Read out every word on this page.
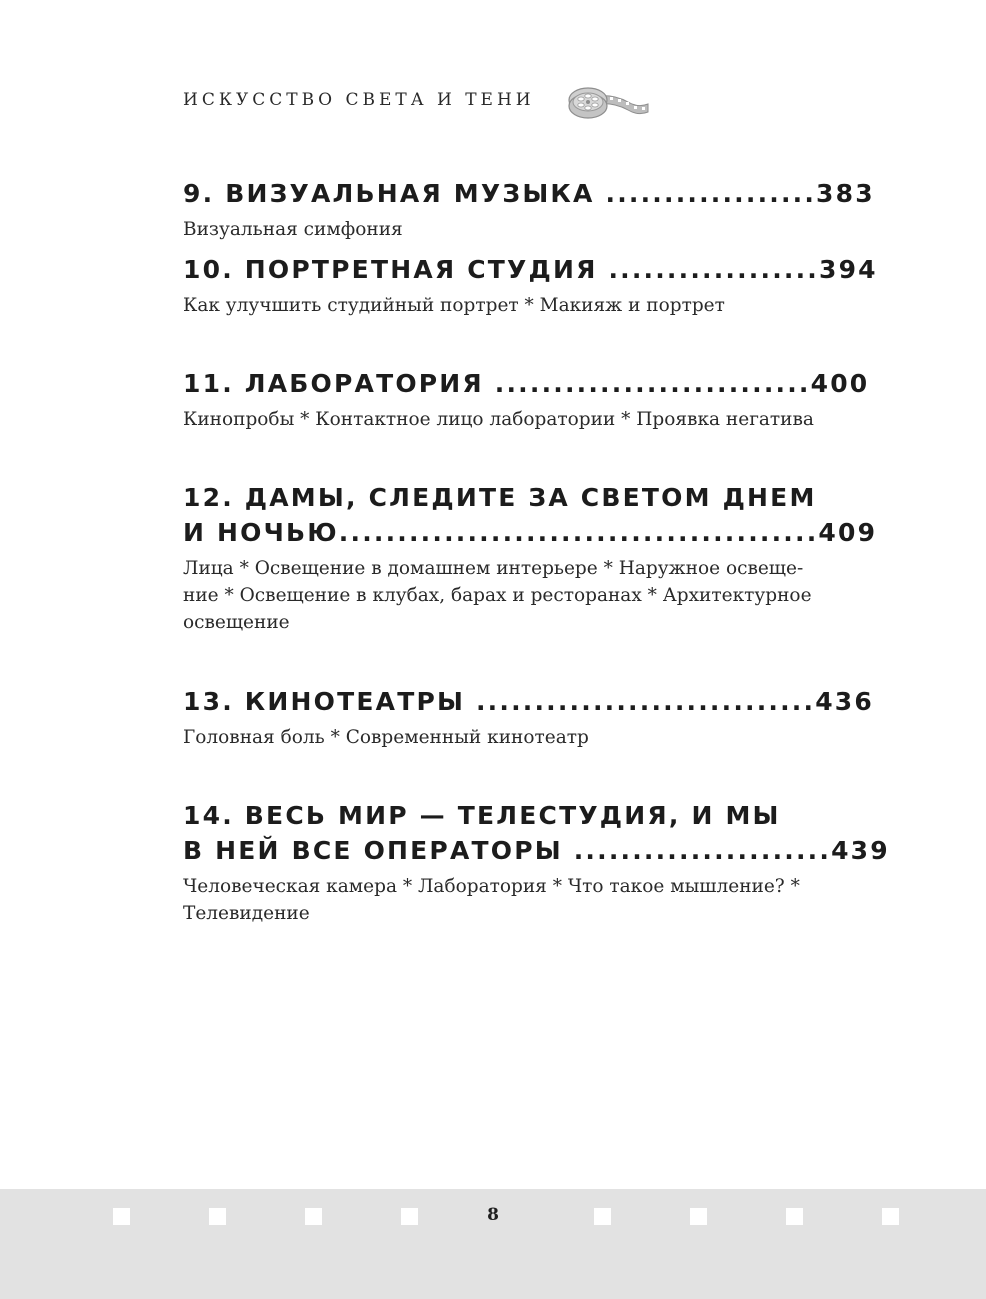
ИСКУССТВО СВЕТА И ТЕНИ
9. ВИЗУАЛЬНАЯ МУЗЫКА ..................383
Визуальная симфония
10. ПОРТРЕТНАЯ СТУДИЯ ..................394
Как улучшить студийный портрет * Макияж и портрет
11. ЛАБОРАТОРИЯ ...........................400
Кинопробы * Контактное лицо лаборатории * Проявка негатива
12. ДАМЫ, СЛЕДИТЕ ЗА СВЕТОМ ДНЕМ
И НОЧЬЮ.........................................409
Лица * Освещение в домашнем интерьере * Наружное освеще-ние * Освещение в клубах, барах и ресторанах * Архитектурное освещение
13. КИНОТЕАТРЫ .............................436
Головная боль * Современный кинотеатр
14. ВЕСЬ МИР — ТЕЛЕСТУДИЯ, И МЫ
В НЕЙ ВСЕ ОПЕРАТОРЫ ......................439
Человеческая камера * Лаборатория * Что такое мышление? * Телевидение
8
